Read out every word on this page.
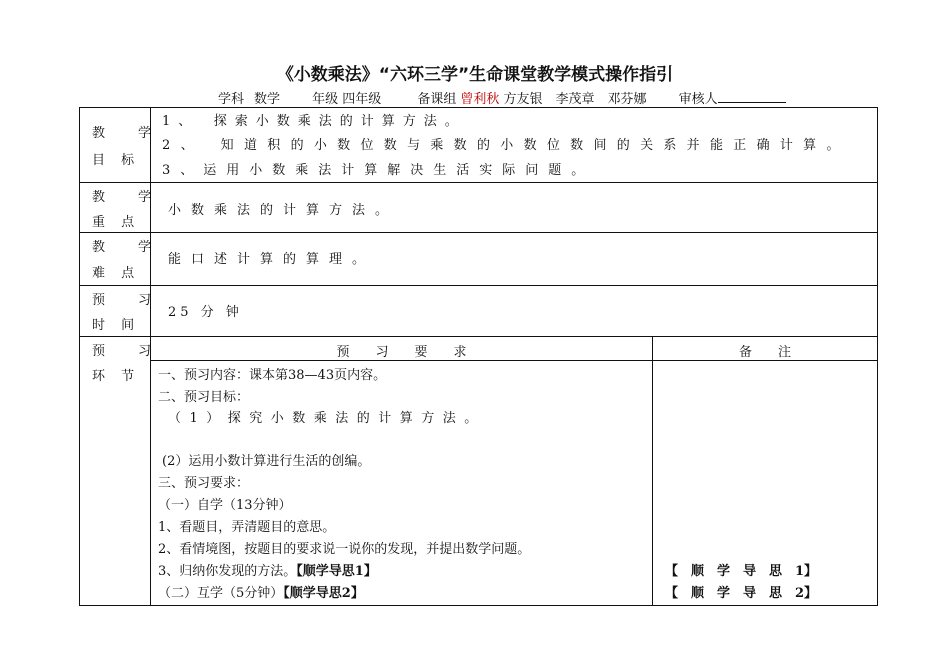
《小数乘法》“六环三学”生命课堂教学模式操作指引
学科 数学 年级 四年级	备课组 曾利秋 方友银　李茂章　邓芬娜 审核人
教　学
目 标
1、　探索小数乘法的计算方法。
2、　知道积的小数位数与乘数的小数位数间的关系并能正确计算。
3、运用小数乘法计算解决生活实际问题。
教　学
重 点
小数乘法的计算方法。
教　学
难 点
能口述计算的算理。
预　习
时 间
25 分 钟
预　习
环 节
预　　习　　要　　求	备　　注
一、预习内容：课本第38—43页内容。
二、预习目标：
（1）探究小数乘法的计算方法。
(2）运用小数计算进行生活的创编。
三、预习要求：
（一）自学（13分钟）
1、看题目，弄清题目的意思。
2、看情境图，按题目的要求说一说你的发现，并提出数学问题。
3、归纳你发现的方法。【顺学导思1】
（二）互学（5分钟）【顺学导思2】
【　顺　学　导　思　1】
【　顺　学　导　思　2】
